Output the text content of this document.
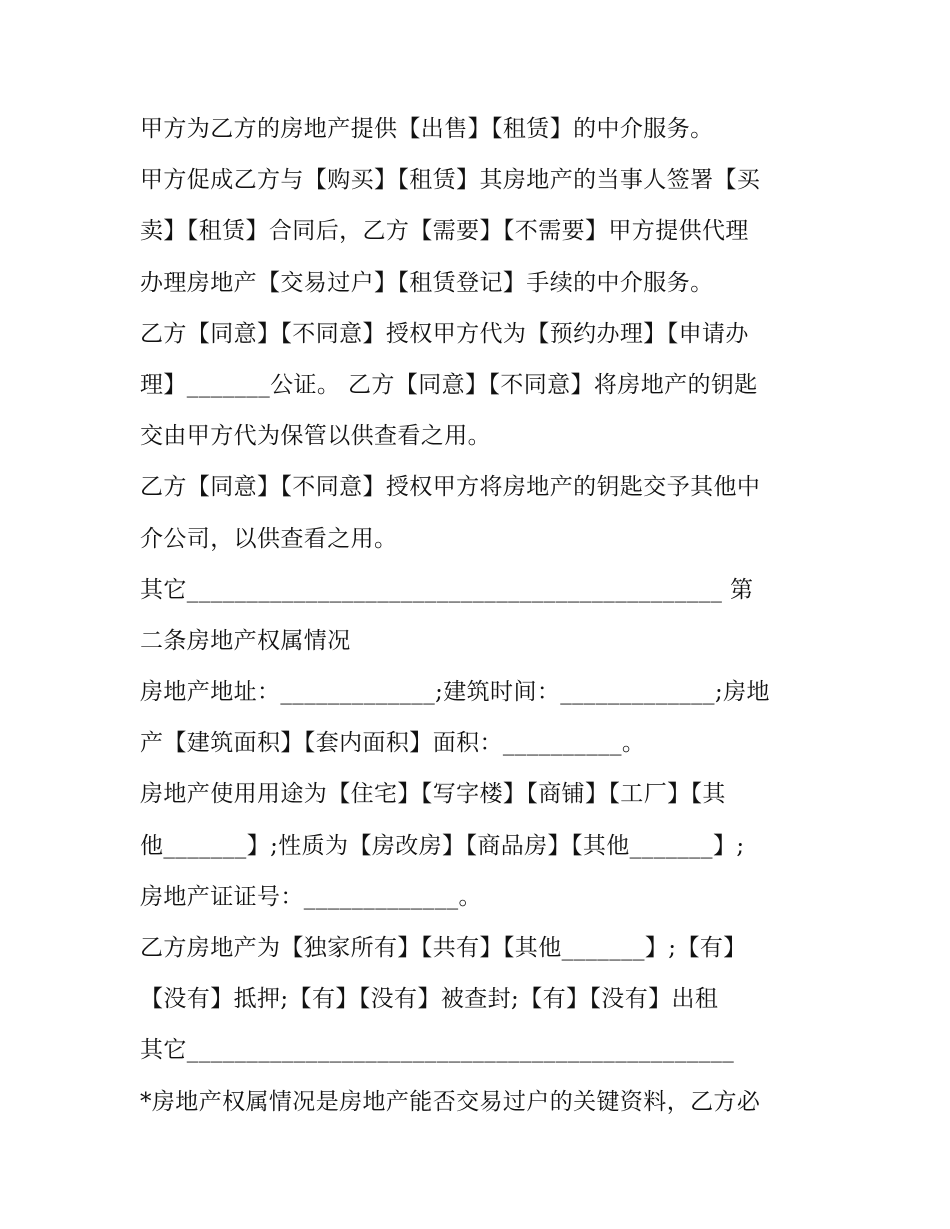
甲方为乙方的房地产提供【出售】【租赁】的中介服务。
甲方促成乙方与【购买】【租赁】其房地产的当事人签署【买
卖】【租赁】合同后，乙方【需要】【不需要】甲方提供代理
办理房地产【交易过户】【租赁登记】手续的中介服务。
乙方【同意】【不同意】授权甲方代为【预约办理】【申请办
理】_______公证。 乙方【同意】【不同意】将房地产的钥匙
交由甲方代为保管以供查看之用。
乙方【同意】【不同意】授权甲方将房地产的钥匙交予其他中
介公司，以供查看之用。
其它_____________________________________________ 第
二条房地产权属情况
房地产地址：_____________;建筑时间：_____________;房地
产【建筑面积】【套内面积】面积：__________。
房地产使用用途为【住宅】【写字楼】【商铺】【工厂】【其
他_______】;性质为【房改房】【商品房】【其他_______】;
房地产证证号：_____________。
乙方房地产为【独家所有】【共有】【其他_______】;【有】
【没有】抵押;【有】【没有】被查封;【有】【没有】出租
其它______________________________________________
*房地产权属情况是房地产能否交易过户的关键资料，乙方必
